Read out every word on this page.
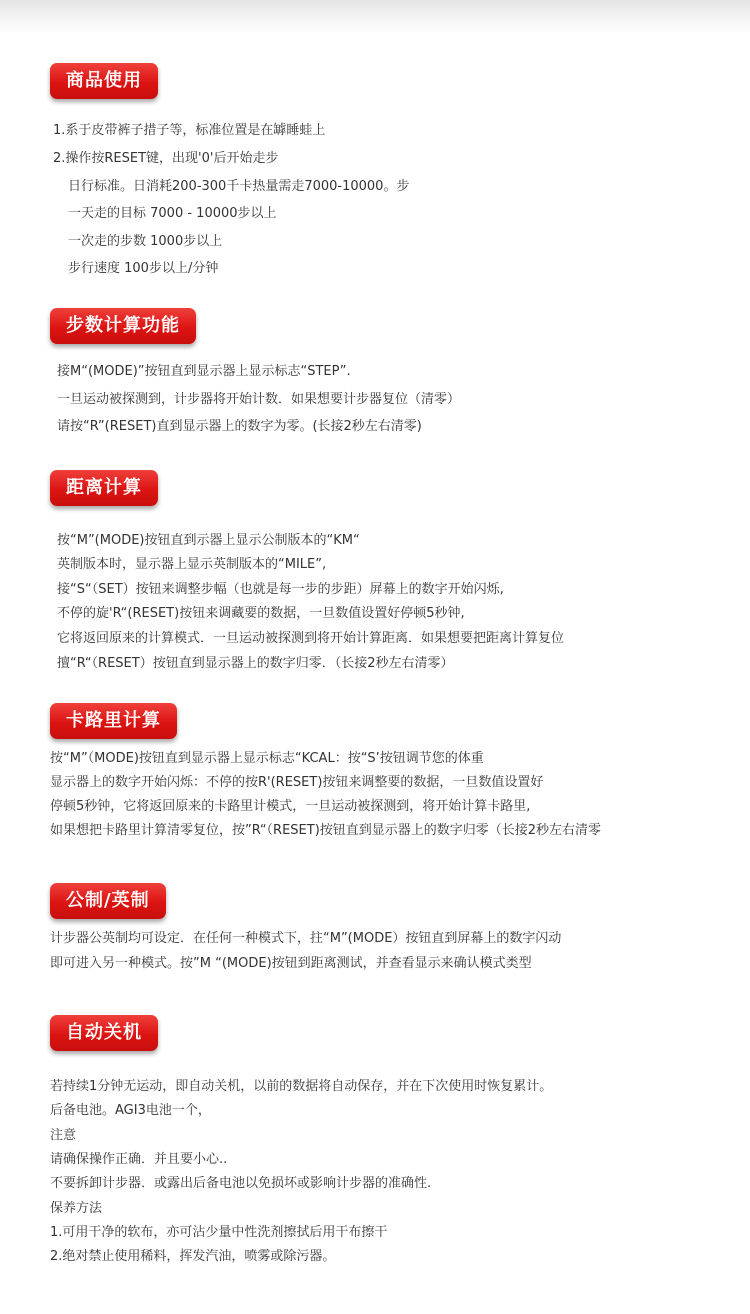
商品使用
1.系于皮带裤子措子等，标准位置是在罅睡蛙上
2.操作按RESET键，出现'0'后开始走步
日行标准。日消耗200-300千卡热量需走7000-10000。步
一天走的目标 7000 - 10000步以上
一次走的步数 1000步以上
步行速度 100步以上/分钟
步数计算功能
接M“(MODE)”按钮直到显示器上显示标志“STEP”.
一旦运动被探测到，计步器将开始计数．如果想要计步器复位（清零）
请按“R”(RESET)直到显示器上的数字为零。(长接2秒左右清零)
距离计算
按“M”(MODE)按钮直到示器上显示公制版本的“KM“
英制版本时，显示器上显示英制版本的“MILE”,
接“S“（SET）按钮来调整步幅（也就是每一步的步距）屏幕上的数字开始闪烁,
不停的旋'R“(RESET)按钮来调藏要的数据，一旦数值设置好停顿5秒钟,
它将返回原来的计算模式．一旦运动被探测到将开始计算距离．如果想要把距离计算复位
擅“R“（RESET）按钮直到显示器上的数字归零．（长接2秒左右清零）
卡路里计算
按“M”（MODE)按钮直到显示器上显示标志“KCAL：按“S’按钮调节您的体重
显示器上的数字开始闪烁：不停的按R'(RESET)按钮来调整要的数据，一旦数值设置好
停顿5秒钟，它将返回原来的卡路里计模式，一旦运动被探测到，将开始计算卡路里,
如果想把卡路里计算清零复位，按”R“（RESET)按钮直到显示器上的数字归零（长接2秒左右清零
公制/英制
计步器公英制均可设定．在任何一种模式下，拄“M”(MODE）按钮直到屏幕上的数字闪动
即可进入另一种模式。按”M “(MODE)按钮到距离测试，并查看显示来确认模式类型
自动关机
若持续1分钟无运动，即自动关机，以前的数据将自动保存，并在下次使用时恢复累计。
后备电池。AGI3电池一个，
注意
请确保操作正确．并且要小心..
不要拆卸计步器．或露出后备电池以免损坏或影响计步器的准确性.
保养方法
1.可用干净的软布，亦可沾少量中性洗剂擦拭后用干布擦干
2.绝对禁止使用稀料，挥发汽油，喷雾或除污器。
